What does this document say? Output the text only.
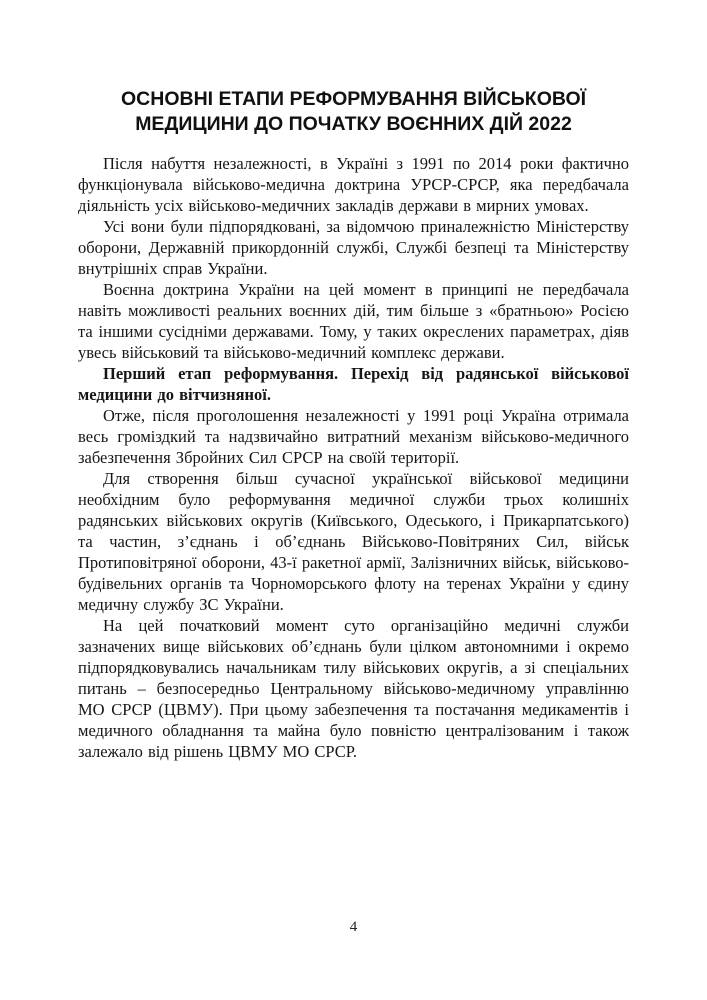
ОСНОВНІ ЕТАПИ РЕФОРМУВАННЯ ВІЙСЬКОВОЇ МЕДИЦИНИ ДО ПОЧАТКУ ВОЄННИХ ДІЙ 2022

Після набуття незалежності, в Україні з 1991 по 2014 роки фактично функціонувала військово-медична доктрина УРСР-СРСР, яка передбачала діяльність усіх військово-медичних закладів держави в мирних умовах.

Усі вони були підпорядковані, за відомчою приналежністю Міністерству оборони, Державній прикордонній службі, Службі безпеці та Міністерству внутрішніх справ України.

Воєнна доктрина України на цей момент в принципі не передбачала навіть можливості реальних воєнних дій, тим більше з «братньою» Росією та іншими сусідніми державами. Тому, у таких окреслених параметрах, діяв увесь військовий та військово-медичний комплекс держави.

Перший етап реформування. Перехід від радянської військової медицини до вітчизняної.

Отже, після проголошення незалежності у 1991 році Україна отримала весь громіздкий та надзвичайно витратний механізм військово-медичного забезпечення Збройних Сил СРСР на своїй території.

Для створення більш сучасної української військової медицини необхідним було реформування медичної служби трьох колишніх радянських військових округів (Київського, Одеського, і Прикарпатського) та частин, з’єднань і об’єднань Військово-Повітряних Сил, військ Протиповітряної оборони, 43-ї ракетної армії, Залізничних військ, військово-будівельних органів та Чорноморського флоту на теренах України у єдину медичну службу ЗС України.

На цей початковий момент суто організаційно медичні служби зазначених вище військових об’єднань були цілком автономними і окремо підпорядковувались начальникам тилу військових округів, а зі спеціальних питань – безпосередньо Центральному військово-медичному управлінню МО СРСР (ЦВМУ). При цьому забезпечення та постачання медикаментів і медичного обладнання та майна було повністю централізованим і також залежало від рішень ЦВМУ МО СРСР.

4
